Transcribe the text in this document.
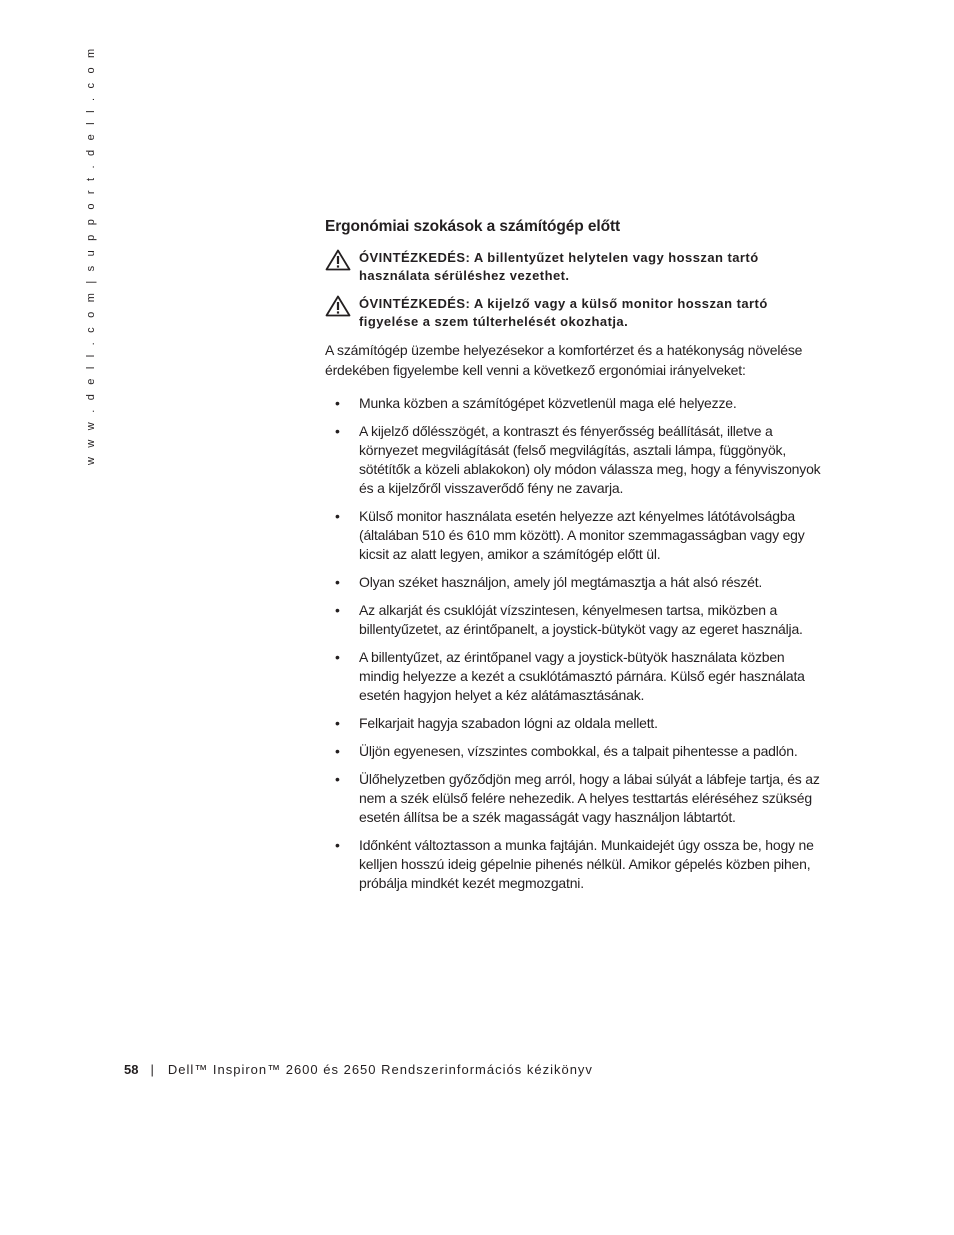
w w w . d e l l . c o m | s u p p o r t . d e l l . c o m	Ergonómiai szokások a számítógép előtt
ÓVINTÉZKEDÉS: A billentyűzet helytelen vagy hosszan tartó használata sérüléshez vezethet.
ÓVINTÉZKEDÉS: A kijelző vagy a külső monitor hosszan tartó figyelése a szem túlterhelését okozhatja.

A számítógép üzembe helyezésekor a komfortérzet és a hatékonyság növelése érdekében figyelembe kell venni a következő ergonómiai irányelveket:

• Munka közben a számítógépet közvetlenül maga elé helyezze.
• A kijelző dőlésszögét, a kontraszt és fényerősség beállítását, illetve a környezet megvilágítását (felső megvilágítás, asztali lámpa, függönyök, sötétítők a közeli ablakokon) oly módon válassza meg, hogy a fényviszonyok és a kijelzőről visszaverődő fény ne zavarja.
• Külső monitor használata esetén helyezze azt kényelmes látótávolságba (általában 510 és 610 mm között). A monitor szemmagasságban vagy egy kicsit az alatt legyen, amikor a számítógép előtt ül.
• Olyan széket használjon, amely jól megtámasztja a hát alsó részét.
• Az alkarját és csuklóját vízszintesen, kényelmesen tartsa, miközben a billentyűzetet, az érintőpanelt, a joystick-bütyköt vagy az egeret használja.
• A billentyűzet, az érintőpanel vagy a joystick-bütyök használata közben mindig helyezze a kezét a csuklótámasztó párnára. Külső egér használata esetén hagyjon helyet a kéz alátámasztásának.
• Felkarjait hagyja szabadon lógni az oldala mellett.
• Üljön egyenesen, vízszintes combokkal, és a talpait pihentesse a padlón.
• Ülőhelyzetben győződjön meg arról, hogy a lábai súlyát a lábfeje tartja, és az nem a szék elülső felére nehezedik. A helyes testtartás eléréséhez szükség esetén állítsa be a szék magasságát vagy használjon lábtartót.
• Időnként változtasson a munka fajtáján. Munkaidejét úgy ossza be, hogy ne kelljen hosszú ideig gépelnie pihenés nélkül. Amikor gépelés közben pihen, próbálja mindkét kezét megmozgatni.
58 | Dell™ Inspiron™ 2600 és 2650 Rendszerinformációs kézikönyv
